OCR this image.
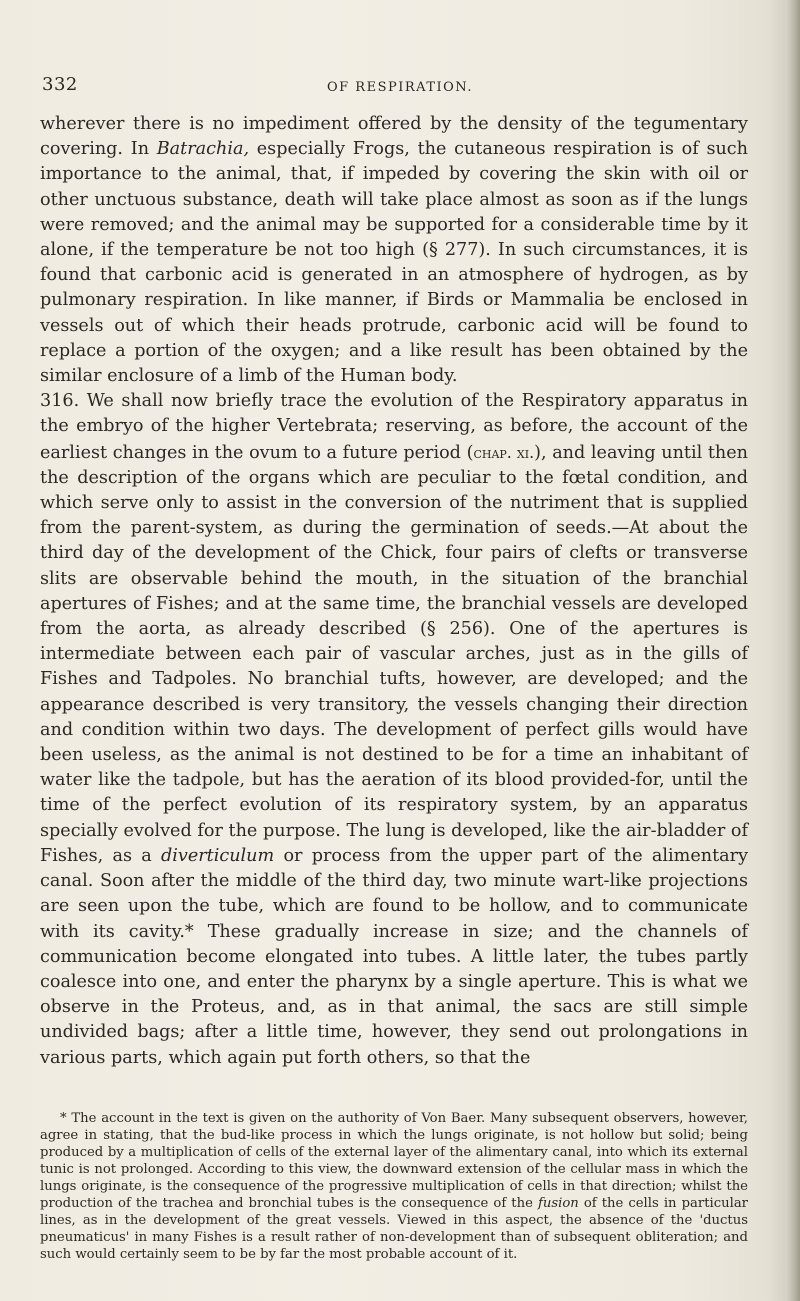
332	OF RESPIRATION.

wherever there is no impediment offered by the density of the tegumentary covering. In Batrachia, especially Frogs, the cutaneous respiration is of such importance to the animal, that, if impeded by covering the skin with oil or other unctuous substance, death will take place almost as soon as if the lungs were removed; and the animal may be supported for a considerable time by it alone, if the temperature be not too high (§ 277). In such circumstances, it is found that carbonic acid is generated in an atmosphere of hydrogen, as by pulmonary respiration. In like manner, if Birds or Mammalia be enclosed in vessels out of which their heads protrude, carbonic acid will be found to replace a portion of the oxygen; and a like result has been obtained by the similar enclosure of a limb of the Human body.

316. We shall now briefly trace the evolution of the Respiratory apparatus in the embryo of the higher Vertebrata; reserving, as before, the account of the earliest changes in the ovum to a future period (chap. xi.), and leaving until then the description of the organs which are peculiar to the fœtal condition, and which serve only to assist in the conversion of the nutriment that is supplied from the parent-system, as during the germination of seeds.—At about the third day of the development of the Chick, four pairs of clefts or transverse slits are observable behind the mouth, in the situation of the branchial apertures of Fishes; and at the same time, the branchial vessels are developed from the aorta, as already described (§ 256). One of the apertures is intermediate between each pair of vascular arches, just as in the gills of Fishes and Tadpoles. No branchial tufts, however, are developed; and the appearance described is very transitory, the vessels changing their direction and condition within two days. The development of perfect gills would have been useless, as the animal is not destined to be for a time an inhabitant of water like the tadpole, but has the aeration of its blood provided-for, until the time of the perfect evolution of its respiratory system, by an apparatus specially evolved for the purpose. The lung is developed, like the air-bladder of Fishes, as a diverticulum or process from the upper part of the alimentary canal. Soon after the middle of the third day, two minute wart-like projections are seen upon the tube, which are found to be hollow, and to communicate with its cavity.* These gradually increase in size; and the channels of communication become elongated into tubes. A little later, the tubes partly coalesce into one, and enter the pharynx by a single aperture. This is what we observe in the Proteus, and, as in that animal, the sacs are still simple undivided bags; after a little time, however, they send out prolongations in various parts, which again put forth others, so that the

* The account in the text is given on the authority of Von Baer. Many subsequent observers, however, agree in stating, that the bud-like process in which the lungs originate, is not hollow but solid; being produced by a multiplication of cells of the external layer of the alimentary canal, into which its external tunic is not prolonged. According to this view, the downward extension of the cellular mass in which the lungs originate, is the consequence of the progressive multiplication of cells in that direction; whilst the production of the trachea and bronchial tubes is the consequence of the fusion of the cells in particular lines, as in the development of the great vessels. Viewed in this aspect, the absence of the 'ductus pneumaticus' in many Fishes is a result rather of non-development than of subsequent obliteration; and such would certainly seem to be by far the most probable account of it.
